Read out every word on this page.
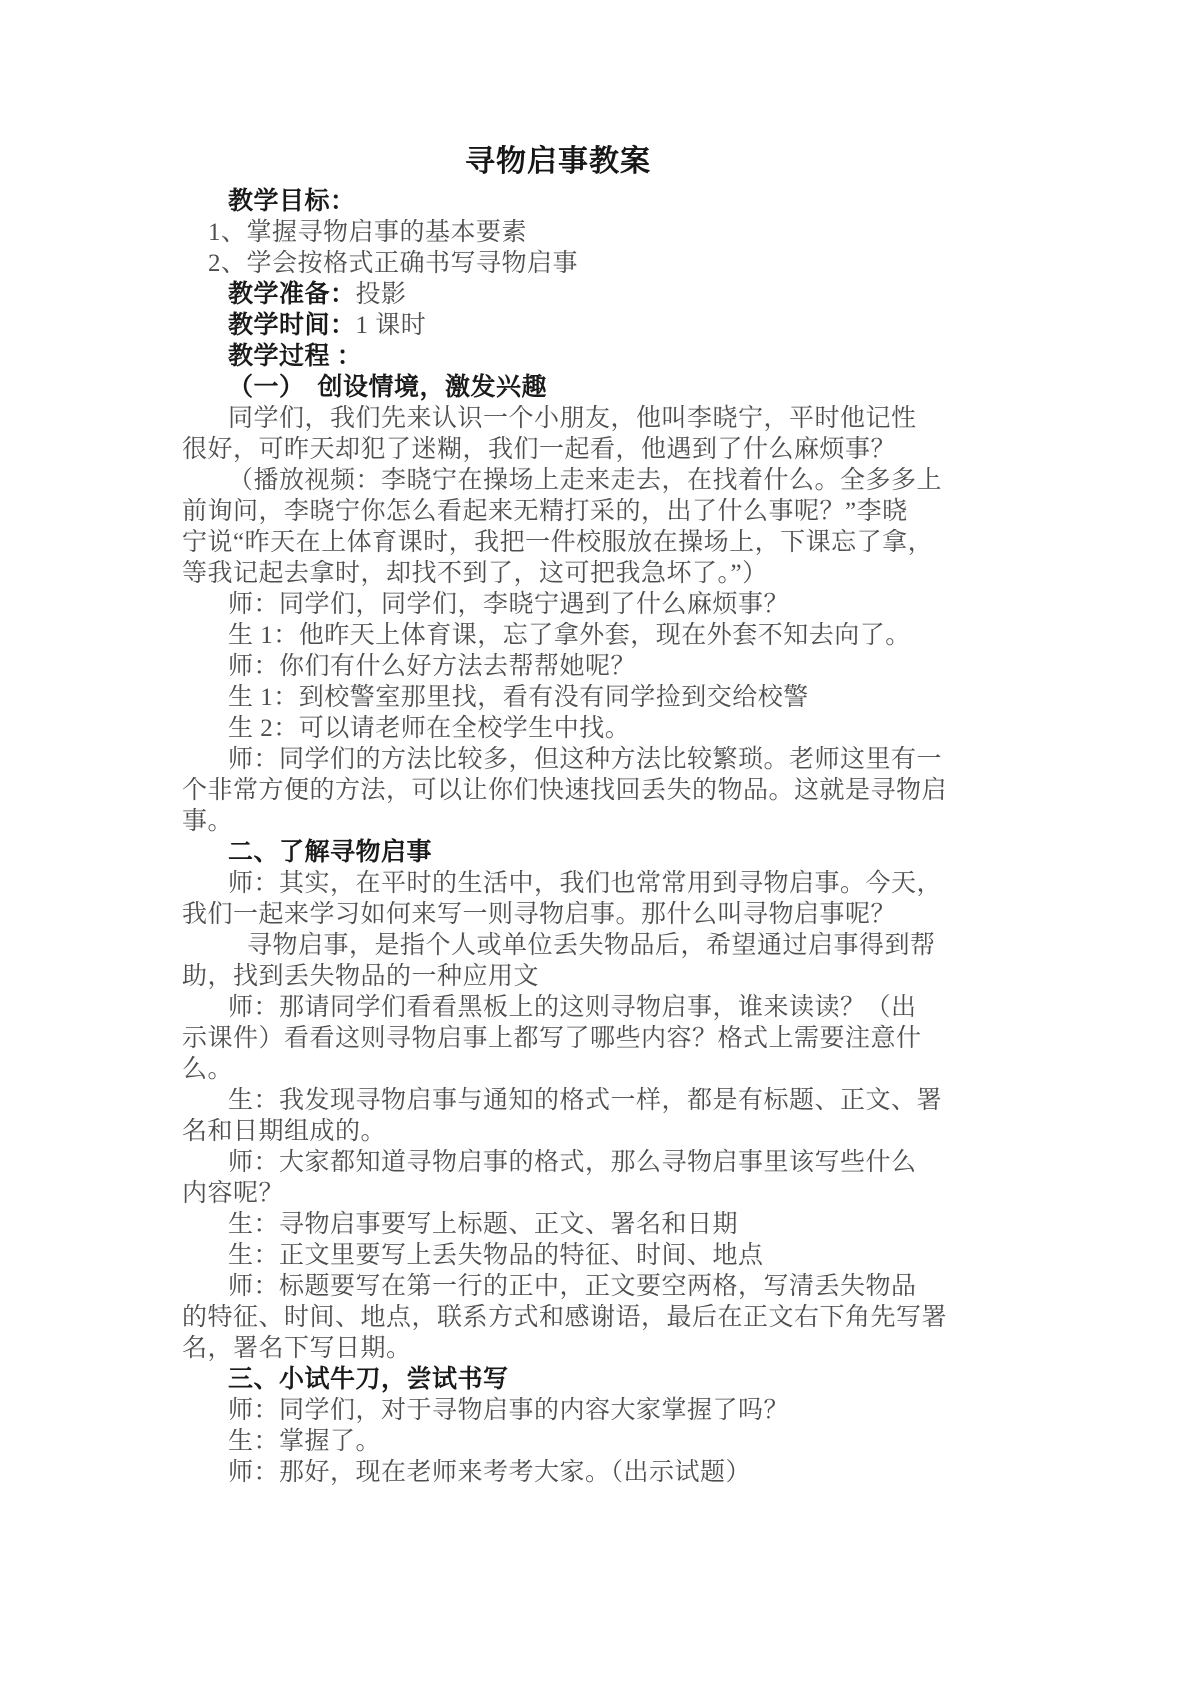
寻物启事教案
教学目标：
1、掌握寻物启事的基本要素
2、学会按格式正确书写寻物启事
教学准备：投影
教学时间：1 课时
教学过程 ：
（一）　创设情境，激发兴趣
同学们，我们先来认识一个小朋友，他叫李晓宁，平时他记性
很好，可昨天却犯了迷糊，我们一起看，他遇到了什么麻烦事？
（播放视频：李晓宁在操场上走来走去，在找着什么。全多多上
前询问，李晓宁你怎么看起来无精打采的，出了什么事呢？”李晓
宁说“昨天在上体育课时，我把一件校服放在操场上，下课忘了拿，
等我记起去拿时，却找不到了，这可把我急坏了。”）
师：同学们，同学们，李晓宁遇到了什么麻烦事？
生 1：他昨天上体育课，忘了拿外套，现在外套不知去向了。
师：你们有什么好方法去帮帮她呢？
生 1：到校警室那里找，看有没有同学捡到交给校警
生 2：可以请老师在全校学生中找。
师：同学们的方法比较多，但这种方法比较繁琐。老师这里有一
个非常方便的方法，可以让你们快速找回丢失的物品。这就是寻物启
事。
二、了解寻物启事
师：其实，在平时的生活中，我们也常常用到寻物启事。今天，
我们一起来学习如何来写一则寻物启事。那什么叫寻物启事呢？
寻物启事，是指个人或单位丢失物品后，希望通过启事得到帮
助，找到丢失物品的一种应用文
师：那请同学们看看黑板上的这则寻物启事，谁来读读？（出
示课件）看看这则寻物启事上都写了哪些内容？格式上需要注意什
么。
生：我发现寻物启事与通知的格式一样，都是有标题、正文、署
名和日期组成的。
师：大家都知道寻物启事的格式，那么寻物启事里该写些什么
内容呢？
生：寻物启事要写上标题、正文、署名和日期
生：正文里要写上丢失物品的特征、时间、地点
师：标题要写在第一行的正中，正文要空两格，写清丢失物品
的特征、时间、地点，联系方式和感谢语，最后在正文右下角先写署
名，署名下写日期。
三、小试牛刀，尝试书写
师：同学们，对于寻物启事的内容大家掌握了吗？
生：掌握了。
师：那好，现在老师来考考大家。（出示试题）
